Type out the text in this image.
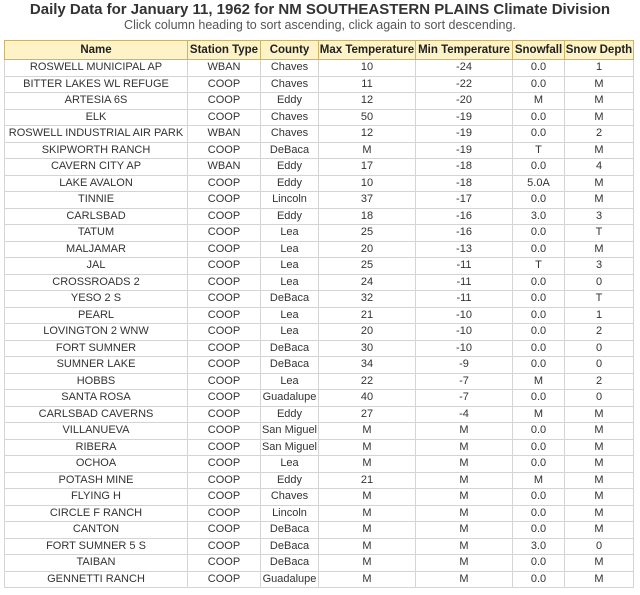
Daily Data for January 11, 1962 for NM SOUTHEASTERN PLAINS Climate Division
Click column heading to sort ascending, click again to sort descending.
Name	Station Type	County	Max Temperature	Min Temperature	Snowfall	Snow Depth
ROSWELL MUNICIPAL AP	WBAN	Chaves	10	-24	0.0	1
BITTER LAKES WL REFUGE	COOP	Chaves	11	-22	0.0	M
ARTESIA 6S	COOP	Eddy	12	-20	M	M
ELK	COOP	Chaves	50	-19	0.0	M
ROSWELL INDUSTRIAL AIR PARK	WBAN	Chaves	12	-19	0.0	2
SKIPWORTH RANCH	COOP	DeBaca	M	-19	T	M
CAVERN CITY AP	WBAN	Eddy	17	-18	0.0	4
LAKE AVALON	COOP	Eddy	10	-18	5.0A	M
TINNIE	COOP	Lincoln	37	-17	0.0	M
CARLSBAD	COOP	Eddy	18	-16	3.0	3
TATUM	COOP	Lea	25	-16	0.0	T
MALJAMAR	COOP	Lea	20	-13	0.0	M
JAL	COOP	Lea	25	-11	T	3
CROSSROADS 2	COOP	Lea	24	-11	0.0	0
YESO 2 S	COOP	DeBaca	32	-11	0.0	T
PEARL	COOP	Lea	21	-10	0.0	1
LOVINGTON 2 WNW	COOP	Lea	20	-10	0.0	2
FORT SUMNER	COOP	DeBaca	30	-10	0.0	0
SUMNER LAKE	COOP	DeBaca	34	-9	0.0	0
HOBBS	COOP	Lea	22	-7	M	2
SANTA ROSA	COOP	Guadalupe	40	-7	0.0	0
CARLSBAD CAVERNS	COOP	Eddy	27	-4	M	M
VILLANUEVA	COOP	San Miguel	M	M	0.0	M
RIBERA	COOP	San Miguel	M	M	0.0	M
OCHOA	COOP	Lea	M	M	0.0	M
POTASH MINE	COOP	Eddy	21	M	M	M
FLYING H	COOP	Chaves	M	M	0.0	M
CIRCLE F RANCH	COOP	Lincoln	M	M	0.0	M
CANTON	COOP	DeBaca	M	M	0.0	M
FORT SUMNER 5 S	COOP	DeBaca	M	M	3.0	0
TAIBAN	COOP	DeBaca	M	M	0.0	M
GENNETTI RANCH	COOP	Guadalupe	M	M	0.0	M
